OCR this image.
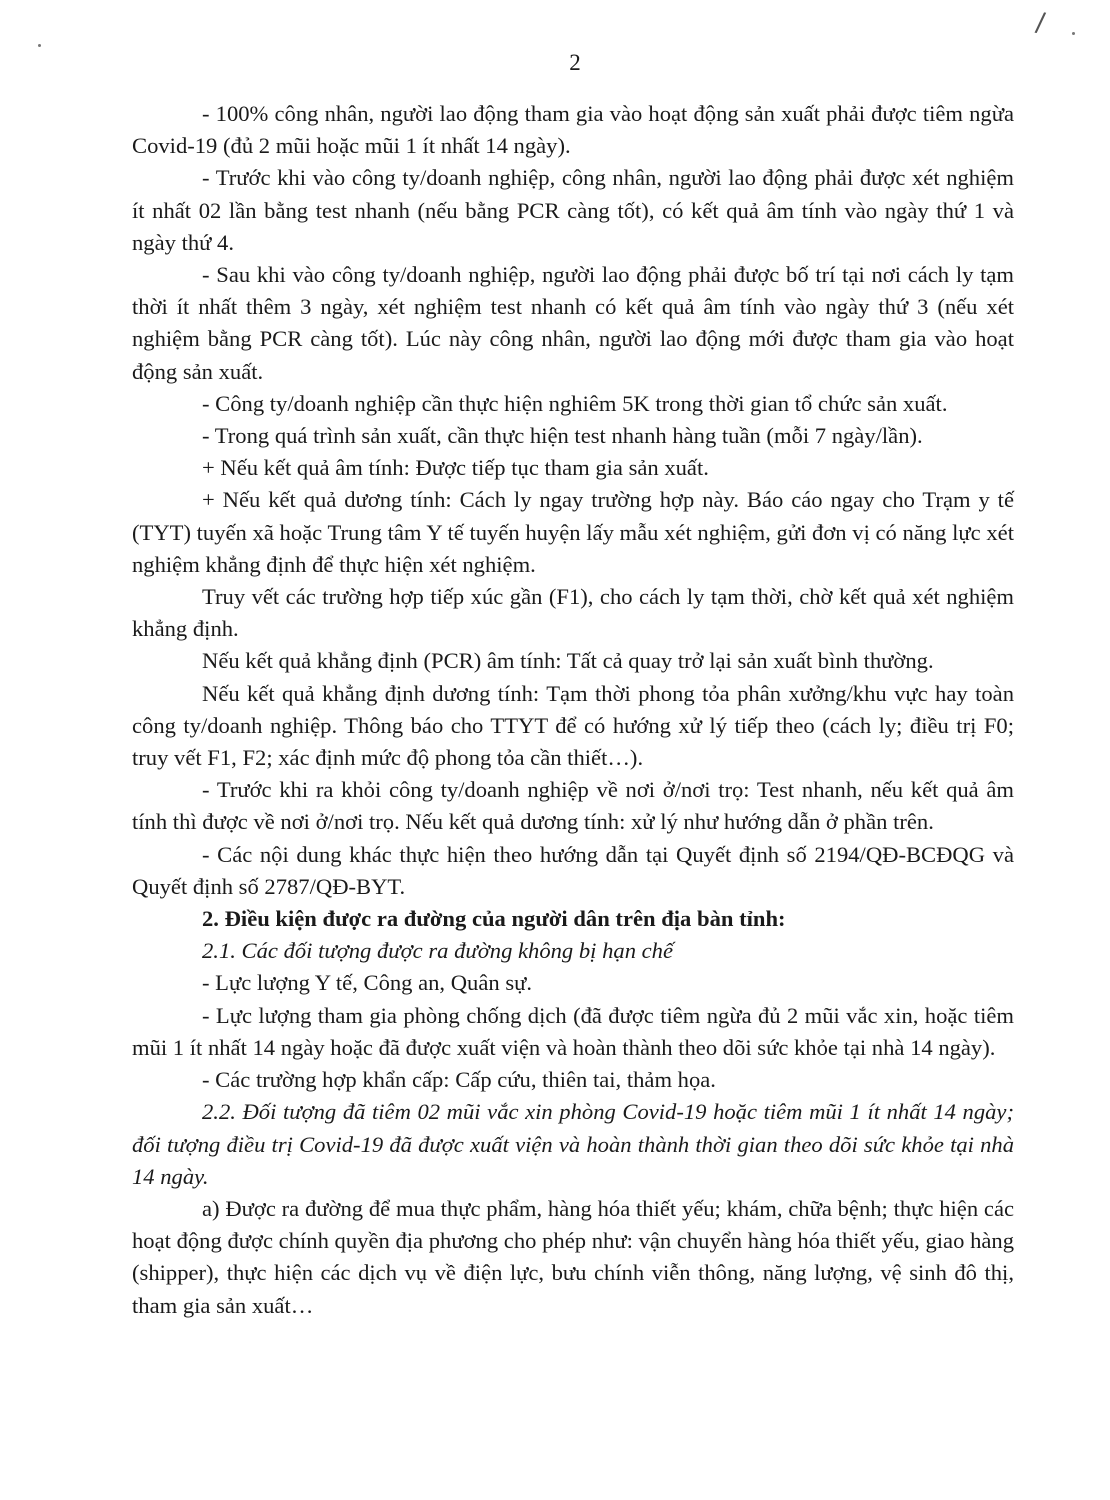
/
2

- 100% công nhân, người lao động tham gia vào hoạt động sản xuất phải được tiêm ngừa Covid-19 (đủ 2 mũi hoặc mũi 1 ít nhất 14 ngày).

- Trước khi vào công ty/doanh nghiệp, công nhân, người lao động phải được xét nghiệm ít nhất 02 lần bằng test nhanh (nếu bằng PCR càng tốt), có kết quả âm tính vào ngày thứ 1 và ngày thứ 4.

- Sau khi vào công ty/doanh nghiệp, người lao động phải được bố trí tại nơi cách ly tạm thời ít nhất thêm 3 ngày, xét nghiệm test nhanh có kết quả âm tính vào ngày thứ 3 (nếu xét nghiệm bằng PCR càng tốt). Lúc này công nhân, người lao động mới được tham gia vào hoạt động sản xuất.

- Công ty/doanh nghiệp cần thực hiện nghiêm 5K trong thời gian tổ chức sản xuất.

- Trong quá trình sản xuất, cần thực hiện test nhanh hàng tuần (mỗi 7 ngày/lần).

+ Nếu kết quả âm tính: Được tiếp tục tham gia sản xuất.

+ Nếu kết quả dương tính: Cách ly ngay trường hợp này. Báo cáo ngay cho Trạm y tế (TYT) tuyến xã hoặc Trung tâm Y tế tuyến huyện lấy mẫu xét nghiệm, gửi đơn vị có năng lực xét nghiệm khẳng định để thực hiện xét nghiệm.

Truy vết các trường hợp tiếp xúc gần (F1), cho cách ly tạm thời, chờ kết quả xét nghiệm khẳng định.

Nếu kết quả khẳng định (PCR) âm tính: Tất cả quay trở lại sản xuất bình thường.

Nếu kết quả khẳng định dương tính: Tạm thời phong tỏa phân xưởng/khu vực hay toàn công ty/doanh nghiệp. Thông báo cho TTYT để có hướng xử lý tiếp theo (cách ly; điều trị F0; truy vết F1, F2; xác định mức độ phong tỏa cần thiết…).

- Trước khi ra khỏi công ty/doanh nghiệp về nơi ở/nơi trọ: Test nhanh, nếu kết quả âm tính thì được về nơi ở/nơi trọ. Nếu kết quả dương tính: xử lý như hướng dẫn ở phần trên.

- Các nội dung khác thực hiện theo hướng dẫn tại Quyết định số 2194/QĐ-BCĐQG và Quyết định số 2787/QĐ-BYT.

2. Điều kiện được ra đường của người dân trên địa bàn tỉnh:

2.1. Các đối tượng được ra đường không bị hạn chế

- Lực lượng Y tế, Công an, Quân sự.

- Lực lượng tham gia phòng chống dịch (đã được tiêm ngừa đủ 2 mũi vắc xin, hoặc tiêm mũi 1 ít nhất 14 ngày hoặc đã được xuất viện và hoàn thành theo dõi sức khỏe tại nhà 14 ngày).

- Các trường hợp khẩn cấp: Cấp cứu, thiên tai, thảm họa.

2.2. Đối tượng đã tiêm 02 mũi vắc xin phòng Covid-19 hoặc tiêm mũi 1 ít nhất 14 ngày; đối tượng điều trị Covid-19 đã được xuất viện và hoàn thành thời gian theo dõi sức khỏe tại nhà 14 ngày.

a) Được ra đường để mua thực phẩm, hàng hóa thiết yếu; khám, chữa bệnh; thực hiện các hoạt động được chính quyền địa phương cho phép như: vận chuyển hàng hóa thiết yếu, giao hàng (shipper), thực hiện các dịch vụ về điện lực, bưu chính viễn thông, năng lượng, vệ sinh đô thị, tham gia sản xuất…
